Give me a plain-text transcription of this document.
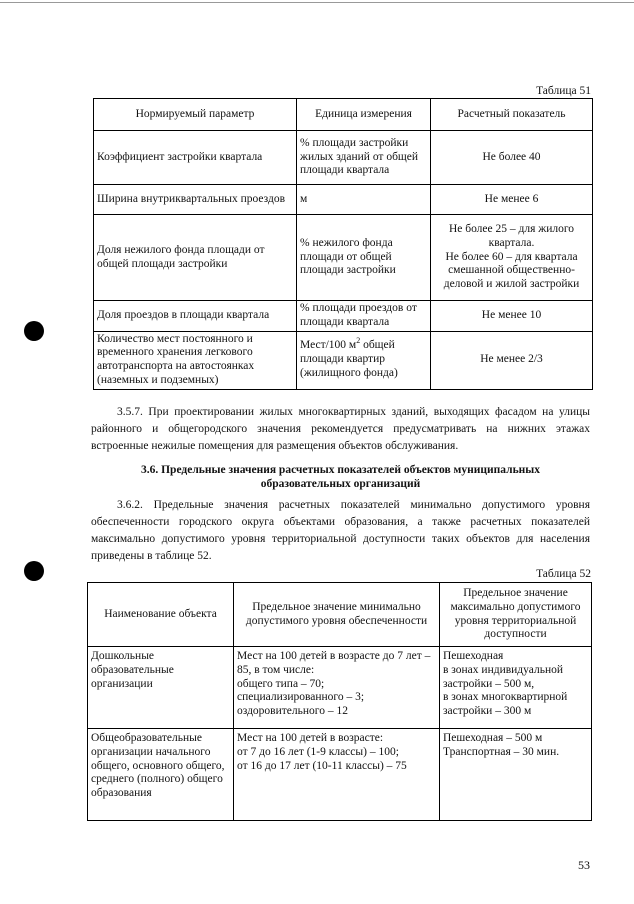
Таблица 51
Нормируемый параметр	Единица измерения	Расчетный показатель
Коэффициент застройки квартала	% площади застройки жилых зданий от общей площади квартала	Не более 40
Ширина внутриквартальных проездов	м	Не менее 6
Доля нежилого фонда площади от общей площади застройки	% нежилого фонда площади от общей площади застройки	Не более 25 – для жилого квартала.
Не более 60 – для квартала смешанной общественно-деловой и жилой застройки

Доля проездов в площади квартала	% площади проездов от площади квартала	Не менее 10
Количество мест постоянного и временного хранения легкового автотранспорта на автостоянках (наземных и подземных)	Мест/100 $м^2$ общей площади квартир (жилищного фонда)	Не менее 2/3

3.5.7. При проектировании жилых многоквартирных зданий, выходящих фасадом на улицы районного и общегородского значения рекомендуется предусматривать на нижних этажах встроенные нежилые помещения для размещения объектов обслуживания.

3.6. Предельные значения расчетных показателей объектов муниципальных
образовательных организаций

3.6.2. Предельные значения расчетных показателей минимально допустимого уровня обеспеченности городского округа объектами образования, а также расчетных показателей максимально допустимого уровня территориальной доступности таких объектов для населения приведены в таблице 52.

Таблица 52
Наименование объекта	Предельное значение минимально допустимого уровня обеспеченности	Предельное значение максимально допустимого уровня территориальной доступности
Дошкольные образовательные организации	Мест на 100 детей в возрасте до 7 лет – 85, в том числе:
общего типа – 70;
специализированного – 3;
оздоровительного – 12	Пешеходная
в зонах индивидуальной застройки – 500 м,
в зонах многоквартирной застройки – 300 м

Общеобразовательные организации начального общего, основного общего, среднего (полного) общего образования	Мест на 100 детей в возрасте:
от 7 до 16 лет (1-9 классы) – 100;
от 16 до 17 лет (10-11 классы) – 75	Пешеходная – 500 м
Транспортная – 30 мин.
53
